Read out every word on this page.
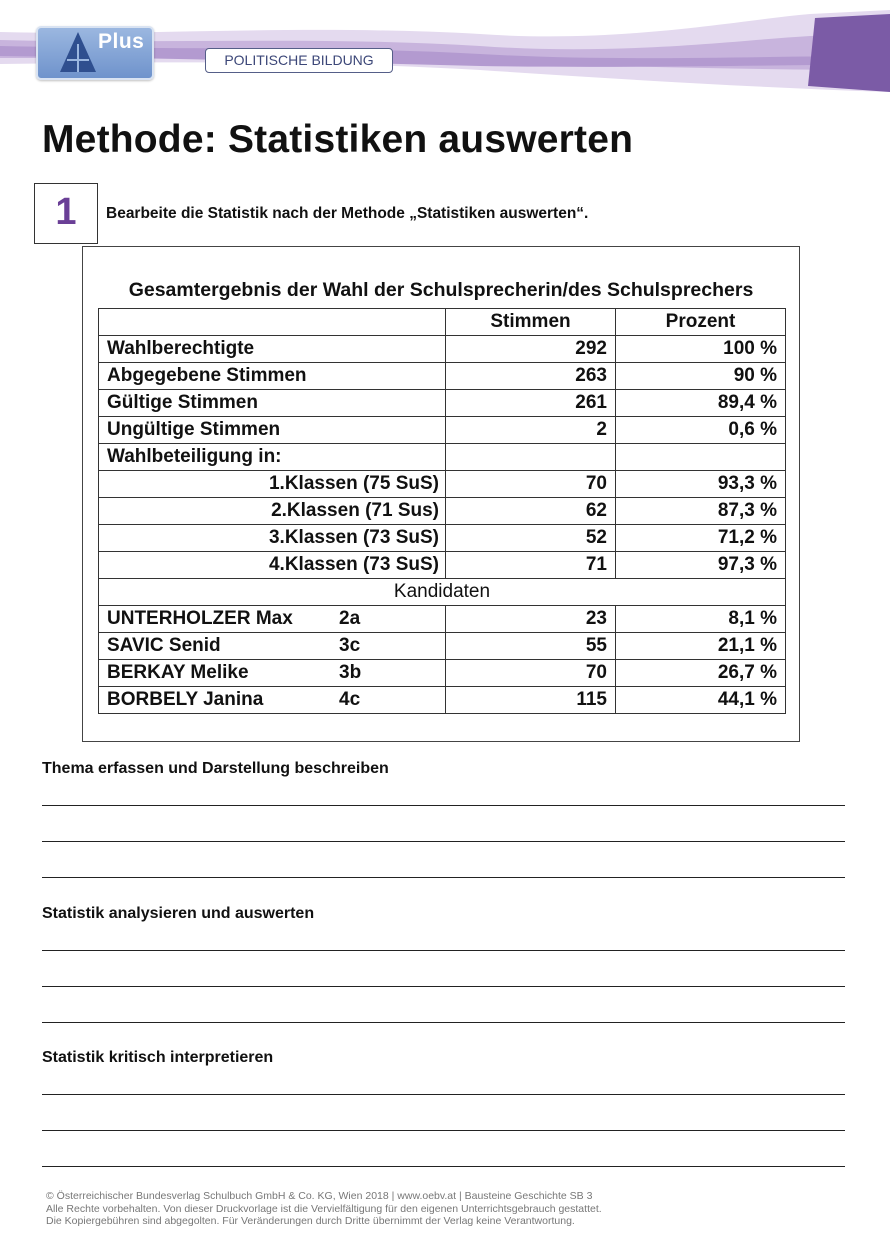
Plus
POLITISCHE BILDUNG
Methode: Statistiken auswerten
1	Bearbeite die Statistik nach der Methode „Statistiken auswerten“.
Gesamtergebnis der Wahl der Schulsprecherin/des Schulsprechers
	Stimmen	Prozent
Wahlberechtigte	292	100 %
Abgegebene Stimmen	263	90 %
Gültige Stimmen	261	89,4 %
Ungültige Stimmen	2	0,6 %
Wahlbeteiligung in:		
1.Klassen (75 SuS)	70	93,3 %
2.Klassen (71 Sus)	62	87,3 %
3.Klassen (73 SuS)	52	71,2 %
4.Klassen (73 SuS)	71	97,3 %
Kandidaten		
UNTERHOLZER Max 2a	23	8,1 %
SAVIC Senid 3c	55	21,1 %
BERKAY Melike 3b	70	26,7 %
BORBELY Janina 4c	115	44,1 %
Thema erfassen und Darstellung beschreiben
Statistik analysieren und auswerten
Statistik kritisch interpretieren
© Österreichischer Bundesverlag Schulbuch GmbH & Co. KG, Wien 2018 | www.oebv.at | Bausteine Geschichte SB 3
Alle Rechte vorbehalten. Von dieser Druckvorlage ist die Vervielfältigung für den eigenen Unterrichtsgebrauch gestattet.
Die Kopiergebühren sind abgegolten. Für Veränderungen durch Dritte übernimmt der Verlag keine Verantwortung.
